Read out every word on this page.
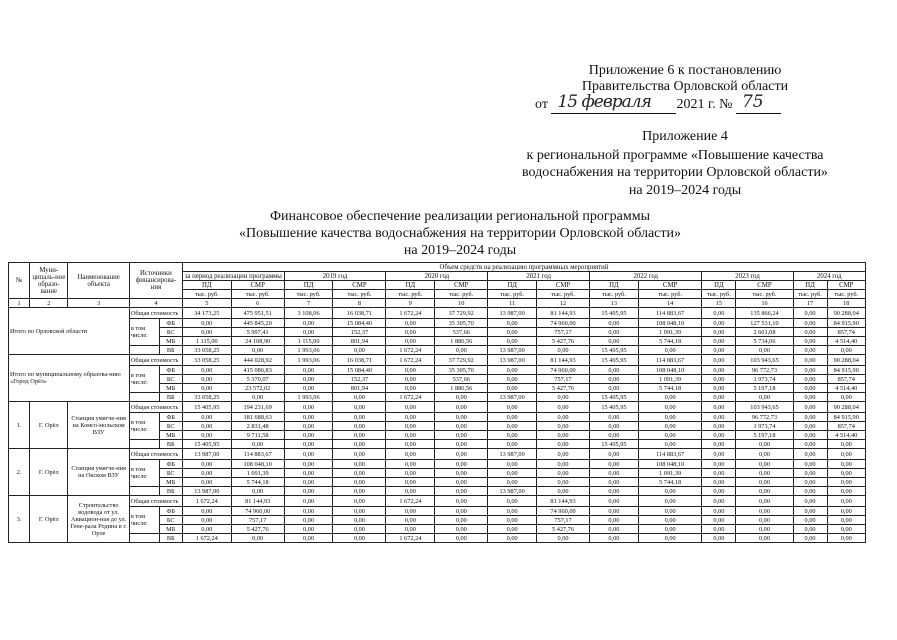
Приложение 6 к постановлению
Правительства Орловской области
от 15 февраля 2021 г. № 75
Приложение 4
к региональной программе «Повышение качества
водоснабжения на территории Орловской области»
на 2019–2024 годы
Финансовое обеспечение реализации региональной программы
«Повышение качества водоснабжения на территории Орловской области»
на 2019–2024 годы
№	Муни-ципаль-ное образо-вание	Наименование объекта	Источники финансирова-ния		Объем средств на реализацию программных мероприятий													
					за период реализации программы		2019 год		2020 год		2021 год		2022 год		2023 год		2024 год	
					ПД	СМР	ПД	СМР	ПД	СМР	ПД	СМР	ПД	СМР	ПД	СМР	ПД	СМР
					тыс. руб.	тыс. руб.	тыс. руб.	тыс. руб.	тыс. руб.	тыс. руб.	тыс. руб.	тыс. руб.	тыс. руб.	тыс. руб.	тыс. руб.	тыс. руб.	тыс. руб.	тыс. руб.
1	2	3	4		5	6	7	8	9	10	11	12	13	14	15	16	17	18
Итого по Орловской области			Общая стоимость		34 173,25	475 951,51	3 108,06	16 038,71	1 672,24	37 729,92	13 987,00	81 144,93	15 405,95	114 883,67	0,00	135 866,24	0,00	90 288,04
			в том числе:	ФБ	0,00	445 845,20	0,00	15 084,40	0,00	35 305,70	0,00	74 960,00	0,00	108 048,10	0,00	127 531,10	0,00	84 915,90
				БС	0,00	5 997,41	0,00	152,37	0,00	537,66	0,00	757,17	0,00	1 091,39	0,00	2 601,08	0,00	857,74
				МБ	1 115,00	24 108,90	1 115,00	801,94	0,00	1 886,56	0,00	5 427,76	0,00	5 744,18	0,00	5 734,06	0,00	4 514,40
				ВБ	33 058,25	0,00	1 993,06	0,00	1 672,24	0,00	13 987,00	0,00	15 405,95	0,00	0,00	0,00	0,00	0,00
Итого по муниципальному образова-нию «Город Орёл»			Общая стоимость		33 058,25	444 028,92	1 993,06	16 038,71	1 672,24	37 729,92	13 987,00	81 144,93	15 405,95	114 883,67	0,00	103 943,65	0,00	90 288,04
			в том числе:	ФБ	0,00	415 086,83	0,00	15 084,40	0,00	35 305,70	0,00	74 960,00	0,00	108 048,10	0,00	96 772,73	0,00	84 915,90
				БС	0,00	5 370,07	0,00	152,37	0,00	537,66	0,00	757,17	0,00	1 091,39	0,00	1 973,74	0,00	857,74
				МБ	0,00	23 572,02	0,00	801,94	0,00	1 886,56	0,00	5 427,76	0,00	5 744,18	0,00	5 197,18	0,00	4 514,40
				ВБ	33 058,25	0,00	1 993,06	0,00	1 672,24	0,00	13 987,00	0,00	15 405,95	0,00	0,00	0,00	0,00	0,00
1.	Г. Орёл	Станция умягче-ния на Комсо-мольском ВЗУ	Общая стоимость		15 405,95	194 231,69	0,00	0,00	0,00	0,00	0,00	0,00	15 405,95	0,00	0,00	103 943,65	0,00	90 288,04
			в том числе:	ФБ	0,00	181 688,63	0,00	0,00	0,00	0,00	0,00	0,00	0,00	0,00	0,00	96 772,73	0,00	84 915,90
				БС	0,00	2 831,48	0,00	0,00	0,00	0,00	0,00	0,00	0,00	0,00	0,00	1 973,74	0,00	857,74
				МБ	0,00	9 711,58	0,00	0,00	0,00	0,00	0,00	0,00	0,00	0,00	0,00	5 197,18	0,00	4 514,40
				ВБ	15 405,95	0,00	0,00	0,00	0,00	0,00	0,00	0,00	15 405,95	0,00	0,00	0,00	0,00	0,00
2.	Г. Орёл	Станция умягче-ния на Окском ВЗУ	Общая стоимость		13 987,00	114 883,67	0,00	0,00	0,00	0,00	13 987,00	0,00	0,00	114 883,67	0,00	0,00	0,00	0,00
			в том числе:	ФБ	0,00	108 048,10	0,00	0,00	0,00	0,00	0,00	0,00	0,00	108 048,10	0,00	0,00	0,00	0,00
				БС	0,00	1 091,39	0,00	0,00	0,00	0,00	0,00	0,00	0,00	1 091,39	0,00	0,00	0,00	0,00
				МБ	0,00	5 744,18	0,00	0,00	0,00	0,00	0,00	0,00	0,00	5 744,18	0,00	0,00	0,00	0,00
				ВБ	13 987,00	0,00	0,00	0,00	0,00	0,00	13 987,00	0,00	0,00	0,00	0,00	0,00	0,00	0,00
3.	Г. Орёл	Строительство водовода от ул. Авиацион-ная до ул. Гене-рала Родина в г. Орле	Общая стоимость		1 672,24	81 144,93	0,00	0,00	1 672,24	0,00	0,00	81 144,93	0,00	0,00	0,00	0,00	0,00	0,00
			в том числе:	ФБ	0,00	74 960,00	0,00	0,00	0,00	0,00	0,00	74 960,00	0,00	0,00	0,00	0,00	0,00	0,00
				БС	0,00	757,17	0,00	0,00	0,00	0,00	0,00	757,17	0,00	0,00	0,00	0,00	0,00	0,00
				МБ	0,00	5 427,76	0,00	0,00	0,00	0,00	0,00	5 427,76	0,00	0,00	0,00	0,00	0,00	0,00
				ВБ	1 672,24	0,00	0,00	0,00	1 672,24	0,00	0,00	0,00	0,00	0,00	0,00	0,00	0,00	0,00
